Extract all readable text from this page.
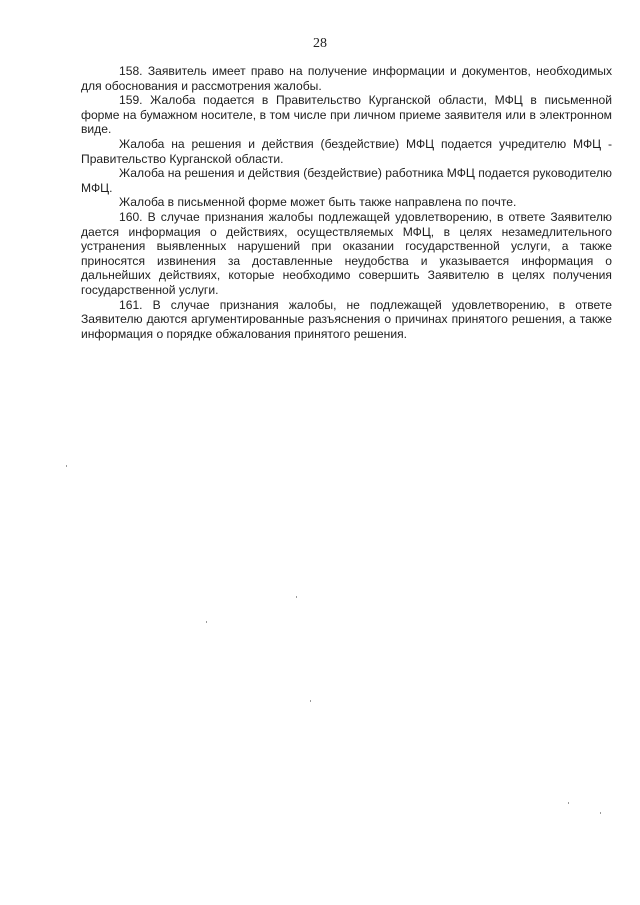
28

158. Заявитель имеет право на получение информации и документов, необходимых для обоснования и рассмотрения жалобы.

159. Жалоба подается в Правительство Курганской области, МФЦ в письменной форме на бумажном носителе, в том числе при личном приеме заявителя или в электронном виде.

Жалоба на решения и действия (бездействие) МФЦ подается учредителю МФЦ - Правительство Курганской области.

Жалоба на решения и действия (бездействие) работника МФЦ подается руководителю МФЦ.

Жалоба в письменной форме может быть также направлена по почте.

160. В случае признания жалобы подлежащей удовлетворению, в ответе Заявителю дается информация о действиях, осуществляемых МФЦ, в целях незамедлительного устранения выявленных нарушений при оказании государственной услуги, а также приносятся извинения за доставленные неудобства и указывается информация о дальнейших действиях, которые необходимо совершить Заявителю в целях получения государственной услуги.

161. В случае признания жалобы, не подлежащей удовлетворению, в ответе Заявителю даются аргументированные разъяснения о причинах принятого решения, а также информация о порядке обжалования принятого решения.
